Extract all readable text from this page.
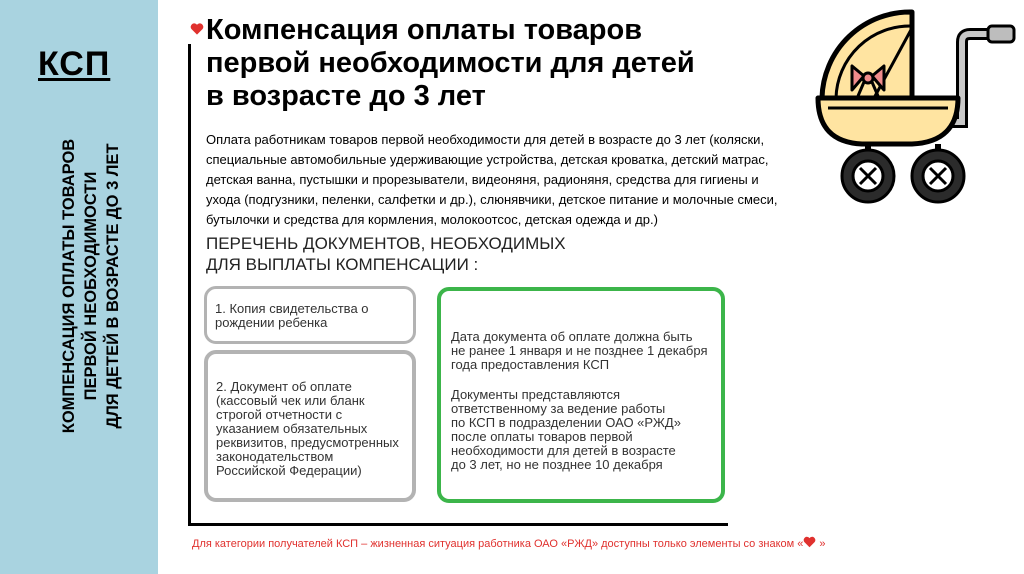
КСП
КОМПЕНСАЦИЯ ОПЛАТЫ ТОВАРОВ ПЕРВОЙ НЕОБХОДИМОСТИ ДЛЯ ДЕТЕЙ В ВОЗРАСТЕ ДО 3 ЛЕТ
Компенсация оплаты товаров
первой необходимости для детей
в возрасте до 3 лет
Оплата работникам товаров первой необходимости для детей в возрасте до 3 лет (коляски,
специальные автомобильные удерживающие устройства, детская кроватка, детский матрас,
детская ванна, пустышки и прорезыватели, видеоняня, радионяня, средства для гигиены и
ухода (подгузники, пеленки, салфетки и др.), слюнявчики, детское питание и молочные смеси,
бутылочки и средства для кормления, молокоотсос, детская одежда и др.)
ПЕРЕЧЕНЬ ДОКУМЕНТОВ, НЕОБХОДИМЫХ
ДЛЯ ВЫПЛАТЫ КОМПЕНСАЦИИ :
1. Копия свидетельства о
рождении ребенка
2. Документ об оплате
(кассовый чек или бланк
строгой отчетности с
указанием обязательных
реквизитов, предусмотренных
законодательством
Российской Федерации)

Дата документа об оплате должна быть
не ранее 1 января и не позднее 1 декабря
года предоставления КСП

Документы представляются
ответственному за ведение работы
по КСП в подразделении ОАО «РЖД»
после оплаты товаров первой
необходимости для детей в возрасте
до 3 лет, но не позднее 10 декабря

Для категории получателей КСП – жизненная ситуация работника ОАО «РЖД» доступны только элементы со знаком « »
